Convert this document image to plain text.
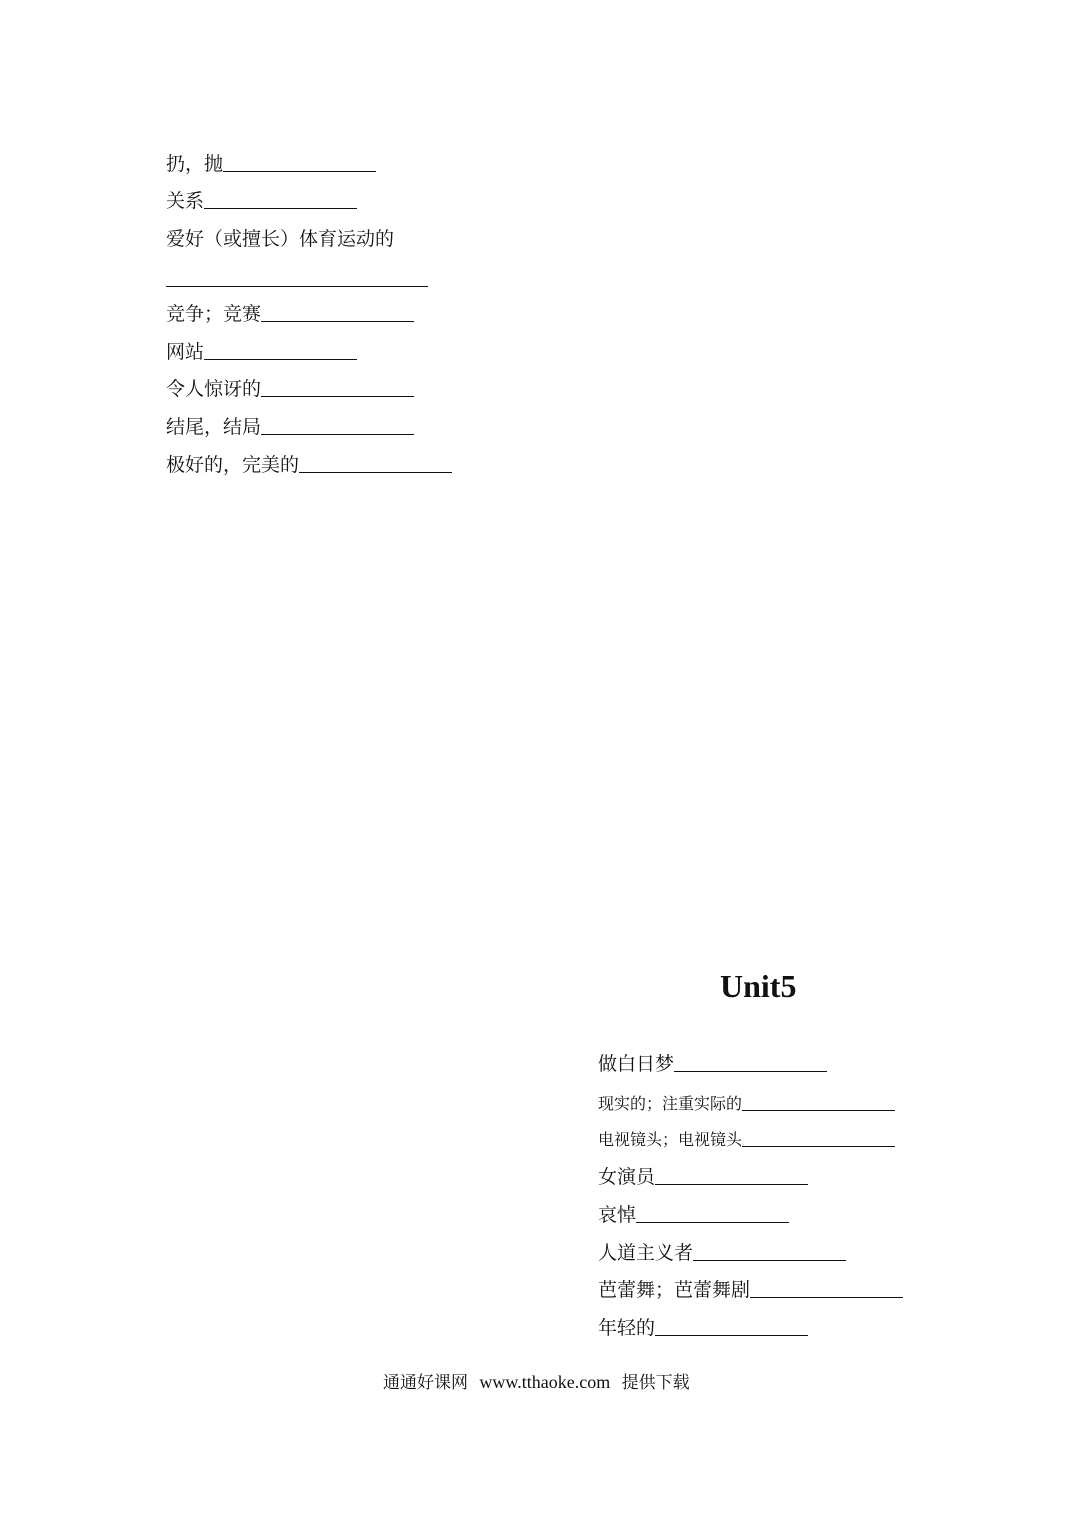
扔，抛
关系
爱好（或擅长）体育运动的
竞争；竞赛
网站
令人惊讶的
结尾，结局
极好的，完美的
Unit5
做白日梦
现实的；注重实际的
电视镜头；电视镜头
女演员
哀悼
人道主义者
芭蕾舞；芭蕾舞剧
年轻的
通通好课网 www.tthaoke.com 提供下载
